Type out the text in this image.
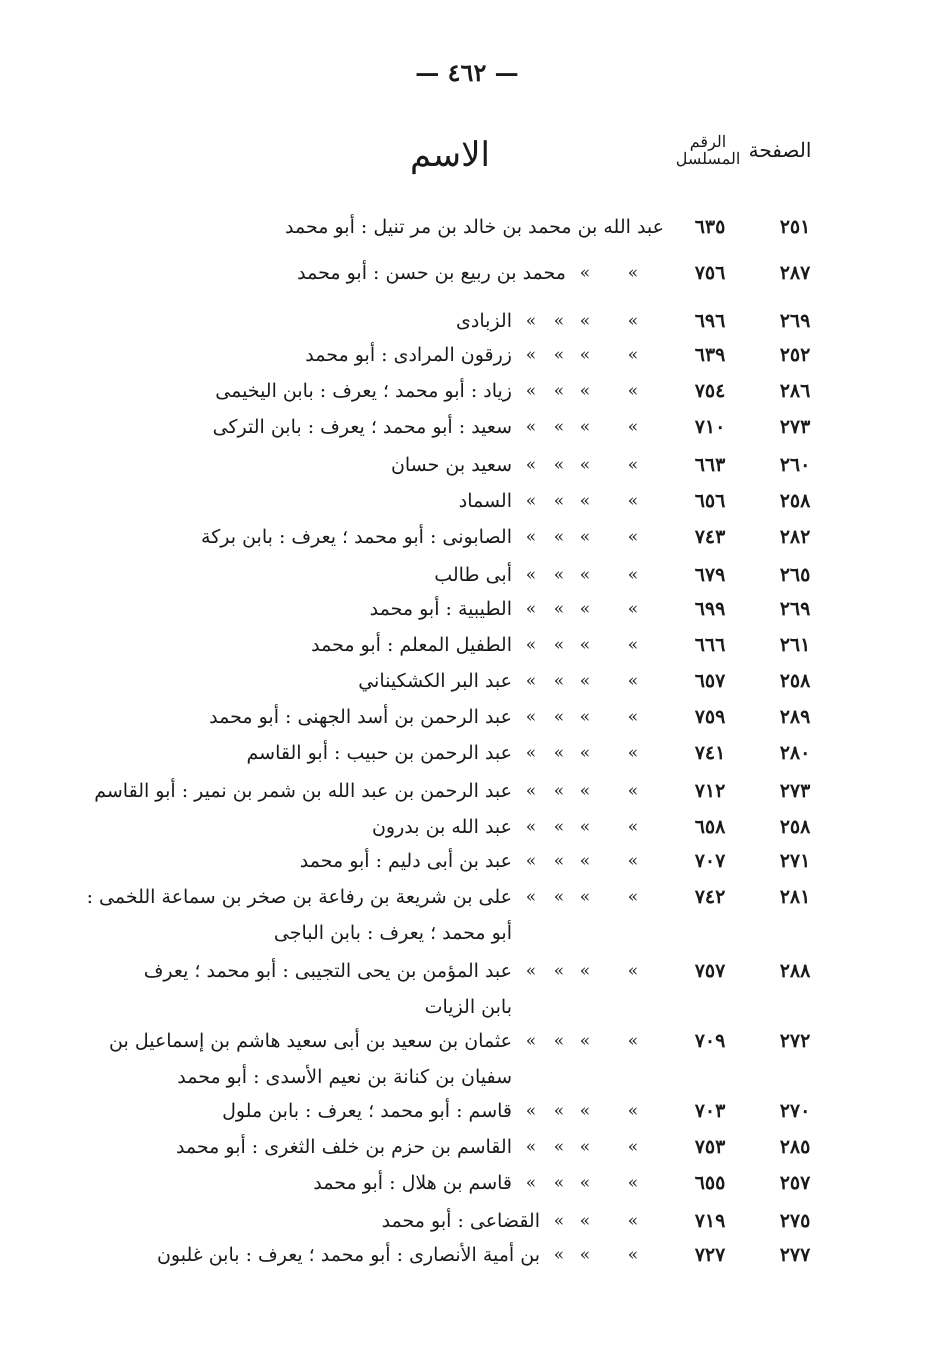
— ٤٦٢ —
الصفحة
الرقم
المسلسل
الاسم
٢٥١
٦٣٥
عبد الله بن محمد بن خالد بن مر تنيل : أبو محمد
٢٨٧
٧٥٦
»
»
محمد بن ربيع بن حسن : أبو محمد
٢٦٩
٦٩٦
»
»
»
»
الزبادى
٢٥٢
٦٣٩
»
»
»
»
زرقون المرادى : أبو محمد
٢٨٦
٧٥٤
»
»
»
»
زياد : أبو محمد ؛ يعرف : بابن اليخيمى
٢٧٣
٧١٠
»
»
»
»
سعيد : أبو محمد ؛ يعرف : بابن التركى
٢٦٠
٦٦٣
»
»
»
»
سعيد بن حسان
٢٥٨
٦٥٦
»
»
»
»
السماد
٢٨٢
٧٤٣
»
»
»
»
الصابونى : أبو محمد ؛ يعرف : بابن بركة
٢٦٥
٦٧٩
»
»
»
»
أبى طالب
٢٦٩
٦٩٩
»
»
»
»
الطيبية : أبو محمد
٢٦١
٦٦٦
»
»
»
»
الطفيل المعلم : أبو محمد
٢٥٨
٦٥٧
»
»
»
»
عبد البر الكشكيناني
٢٨٩
٧٥٩
»
»
»
»
عبد الرحمن بن أسد الجهنى : أبو محمد
٢٨٠
٧٤١
»
»
»
»
عبد الرحمن بن حبيب : أبو القاسم
٢٧٣
٧١٢
»
»
»
»
عبد الرحمن بن عبد الله بن شمر بن نمير : أبو القاسم
٢٥٨
٦٥٨
»
»
»
»
عبد الله بن بدرون
٢٧١
٧٠٧
»
»
»
»
عبد بن أبى دليم : أبو محمد
٢٨١
٧٤٢
»
»
»
»
على بن شريعة بن رفاعة بن صخر بن سماعة اللخمى :
أبو محمد ؛ يعرف : بابن الباجى
٢٨٨
٧٥٧
»
»
»
»
عبد المؤمن بن يحى التجيبى : أبو محمد ؛ يعرف
بابن الزيات
٢٧٢
٧٠٩
»
»
»
»
عثمان بن سعيد بن أبى سعيد هاشم بن إسماعيل بن
سفيان بن كنانة بن نعيم الأسدى : أبو محمد
٢٧٠
٧٠٣
»
»
»
»
قاسم : أبو محمد ؛ يعرف : بابن ملول
٢٨٥
٧٥٣
»
»
»
»
القاسم بن حزم بن خلف الثغرى : أبو محمد
٢٥٧
٦٥٥
»
»
»
»
قاسم بن هلال : أبو محمد
٢٧٥
٧١٩
»
»
»
القضاعى : أبو محمد
٢٧٧
٧٢٧
»
»
»
بن أمية الأنصارى : أبو محمد ؛ يعرف : بابن غلبون
